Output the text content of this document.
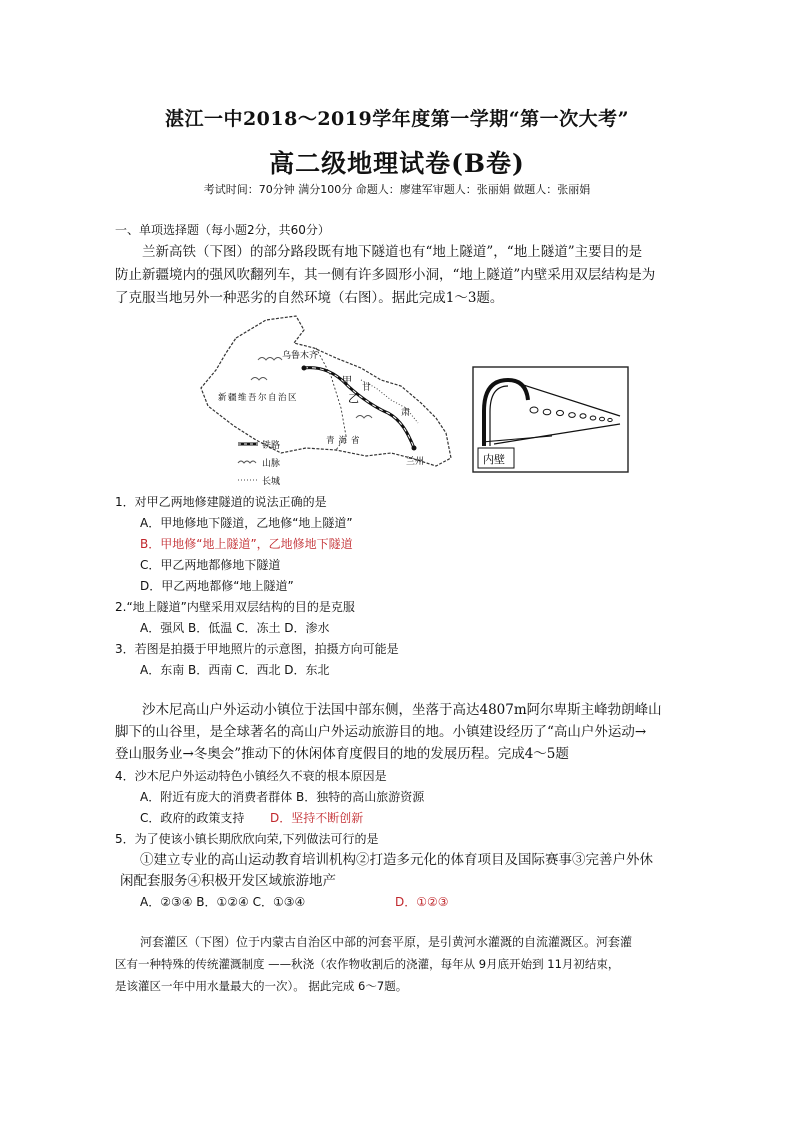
湛江一中2018～2019学年度第一学期“第一次大考”
高二级地理试卷(B卷)
考试时间：70分钟 满分100分 命题人：廖建军审题人：张丽娟 做题人：张丽娟
一、单项选择题（每小题2分，共60分）
兰新高铁（下图）的部分路段既有地下隧道也有“地上隧道”，“地上隧道”主要目的是
防止新疆境内的强风吹翻列车，其一侧有许多圆形小洞，“地上隧道”内壁采用双层结构是为
了克服当地另外一种恶劣的自然环境（右图）。据此完成1～3题。
乌鲁木齐
甲
甘
乙
肃
新疆维吾尔自治区
青海省
兰州
铁路
山脉
长城
内壁
1．对甲乙两地修建隧道的说法正确的是
A．甲地修地下隧道，乙地修“地上隧道”
B．甲地修“地上隧道”，乙地修地下隧道
C．甲乙两地都修地下隧道
D．甲乙两地都修“地上隧道”
2.“地上隧道”内壁采用双层结构的目的是克服
A．强风 B．低温 C．冻土 D．渗水
3．若图是拍摄于甲地照片的示意图，拍摄方向可能是
A．东南 B．西南 C．西北 D．东北
沙木尼高山户外运动小镇位于法国中部东侧，坐落于高达4807m阿尔卑斯主峰勃朗峰山
脚下的山谷里，是全球著名的高山户外运动旅游目的地。小镇建设经历了“高山户外运动→
登山服务业→冬奥会”推动下的休闲体育度假目的地的发展历程。完成4～5题
4．沙木尼户外运动特色小镇经久不衰的根本原因是
A．附近有庞大的消费者群体 B．独特的高山旅游资源
C．政府的政策支持 D．坚持不断创新
5．为了使该小镇长期欣欣向荣,下列做法可行的是
①建立专业的高山运动教育培训机构②打造多元化的体育项目及国际赛事③完善户外休
闲配套服务④积极开发区域旅游地产
A．②③④ B．①②④ C．①③④	D．①②③
河套灌区（下图）位于内蒙古自治区中部的河套平原，是引黄河水灌溉的自流灌溉区。河套灌
区有一种特殊的传统灌溉制度 ——秋浇（农作物收割后的浇灌，每年从 9月底开始到 11月初结束，
是该灌区一年中用水量最大的一次）。 据此完成 6～7题。
